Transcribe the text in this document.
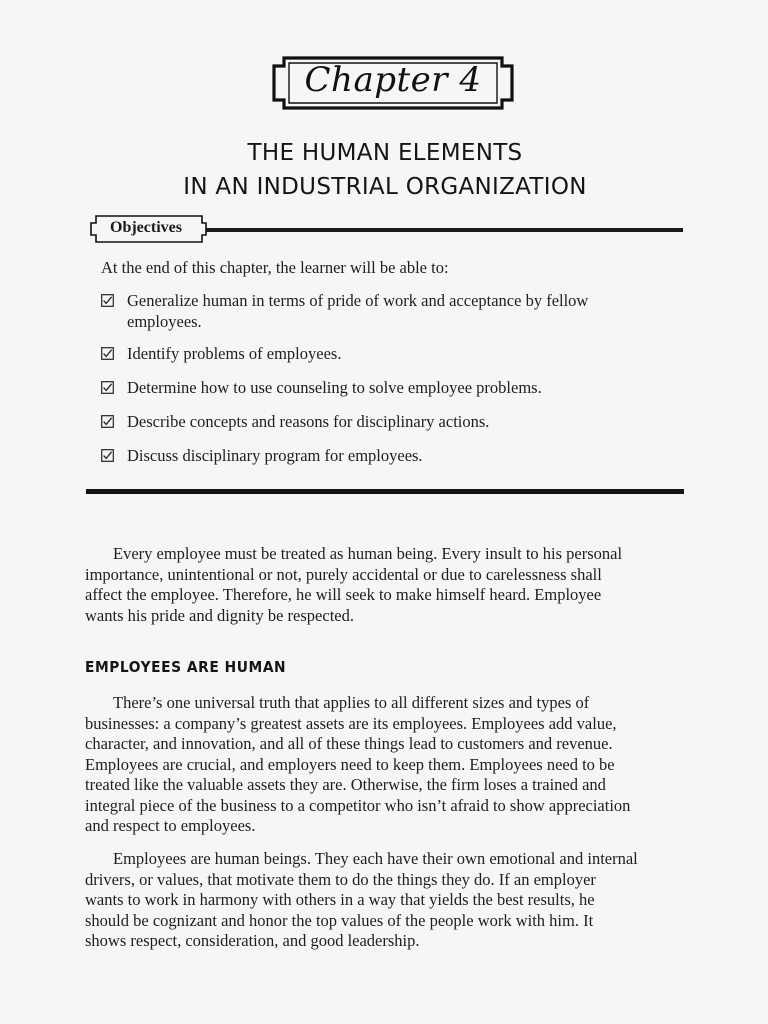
Chapter 4
THE HUMAN ELEMENTS
IN AN INDUSTRIAL ORGANIZATION
Objectives
At the end of this chapter, the learner will be able to:
Generalize human in terms of pride of work and acceptance by fellow
employees.
Identify problems of employees.
Determine how to use counseling to solve employee problems.
Describe concepts and reasons for disciplinary actions.
Discuss disciplinary program for employees.

Every employee must be treated as human being. Every insult to his personal
importance, unintentional or not, purely accidental or due to carelessness shall
affect the employee. Therefore, he will seek to make himself heard. Employee
wants his pride and dignity be respected.

EMPLOYEES ARE HUMAN

There’s one universal truth that applies to all different sizes and types of
businesses: a company’s greatest assets are its employees. Employees add value,
character, and innovation, and all of these things lead to customers and revenue.
Employees are crucial, and employers need to keep them. Employees need to be
treated like the valuable assets they are. Otherwise, the firm loses a trained and
integral piece of the business to a competitor who isn’t afraid to show appreciation
and respect to employees.

Employees are human beings. They each have their own emotional and internal
drivers, or values, that motivate them to do the things they do. If an employer
wants to work in harmony with others in a way that yields the best results, he
should be cognizant and honor the top values of the people work with him. It
shows respect, consideration, and good leadership.
